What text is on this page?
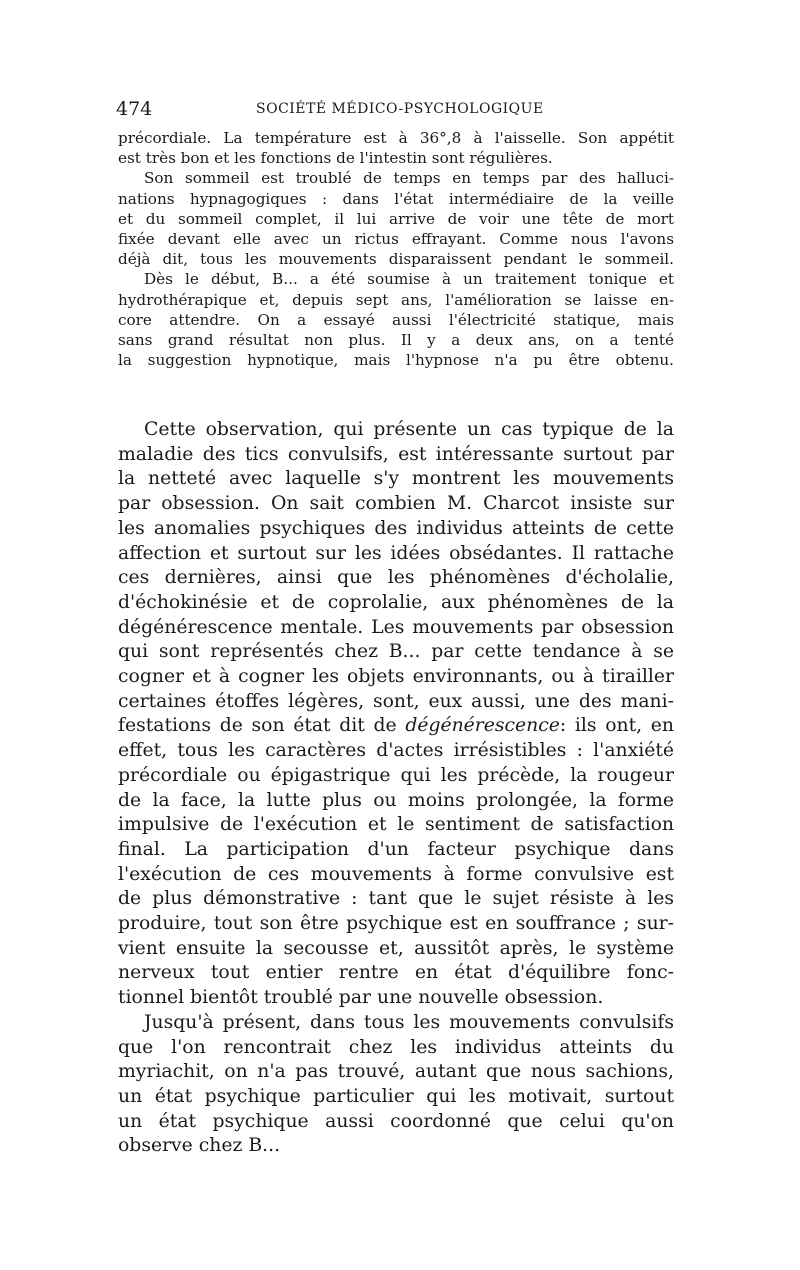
474	SOCIÉTÉ MÉDICO-PSYCHOLOGIQUE

précordiale. La température est à 36°,8 à l'aisselle. Son appétit
est très bon et les fonctions de l'intestin sont régulières.

Son sommeil est troublé de temps en temps par des halluci-
nations hypnagogiques : dans l'état intermédiaire de la veille
et du sommeil complet, il lui arrive de voir une tête de mort
fixée devant elle avec un rictus effrayant. Comme nous l'avons
déjà dit, tous les mouvements disparaissent pendant le sommeil.

Dès le début, B... a été soumise à un traitement tonique et
hydrothérapique et, depuis sept ans, l'amélioration se laisse en-
core attendre. On a essayé aussi l'électricité statique, mais
sans grand résultat non plus. Il y a deux ans, on a tenté
la suggestion hypnotique, mais l'hypnose n'a pu être obtenu.

Cette observation, qui présente un cas typique de la
maladie des tics convulsifs, est intéressante surtout par
la netteté avec laquelle s'y montrent les mouvements
par obsession. On sait combien M. Charcot insiste sur
les anomalies psychiques des individus atteints de cette
affection et surtout sur les idées obsédantes. Il rattache
ces dernières, ainsi que les phénomènes d'écholalie,
d'échokinésie et de coprolalie, aux phénomènes de la
dégénérescence mentale. Les mouvements par obsession
qui sont représentés chez B... par cette tendance à se
cogner et à cogner les objets environnants, ou à tirailler
certaines étoffes légères, sont, eux aussi, une des mani-
festations de son état dit de dégénérescence: ils ont, en
effet, tous les caractères d'actes irrésistibles : l'anxiété
précordiale ou épigastrique qui les précède, la rougeur
de la face, la lutte plus ou moins prolongée, la forme
impulsive de l'exécution et le sentiment de satisfaction
final. La participation d'un facteur psychique dans
l'exécution de ces mouvements à forme convulsive est
de plus démonstrative : tant que le sujet résiste à les
produire, tout son être psychique est en souffrance ; sur-
vient ensuite la secousse et, aussitôt après, le système
nerveux tout entier rentre en état d'équilibre fonc-
tionnel bientôt troublé par une nouvelle obsession.

Jusqu'à présent, dans tous les mouvements convulsifs
que l'on rencontrait chez les individus atteints du
myriachit, on n'a pas trouvé, autant que nous sachions,
un état psychique particulier qui les motivait, surtout
un état psychique aussi coordonné que celui qu'on
observe chez B...
